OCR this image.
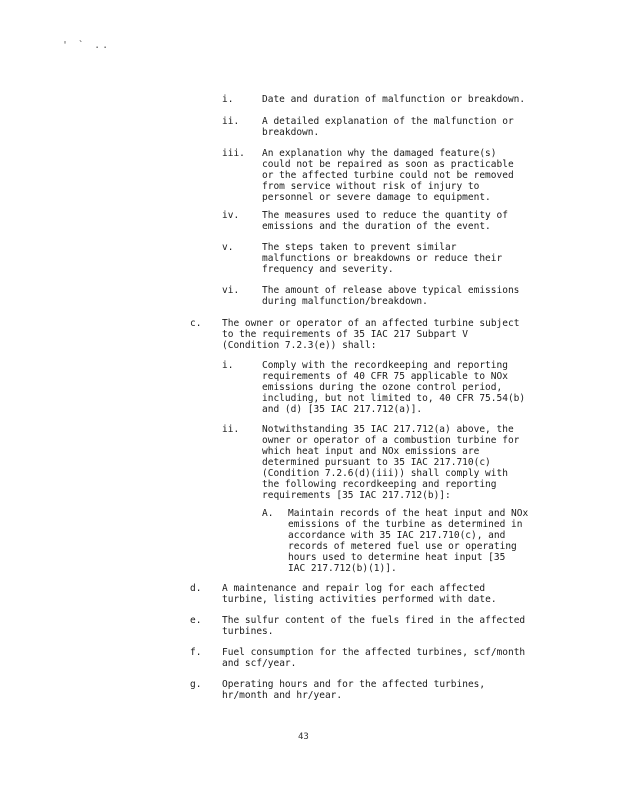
' ` ..
i.	Date and duration of malfunction or breakdown.
ii. A detailed explanation of the malfunction or
breakdown.
iii. An explanation why the damaged feature(s)
could not be repaired as soon as practicable
or the affected turbine could not be removed
from service without risk of injury to
personnel or severe damage to equipment.
iv. The measures used to reduce the quantity of
emissions and the duration of the event.
v.	The steps taken to prevent similar
malfunctions or breakdowns or reduce their
frequency and severity.
vi. The amount of release above typical emissions
during malfunction/breakdown.
c. The owner or operator of an affected turbine subject
to the requirements of 35 IAC 217 Subpart V
(Condition 7.2.3(e)) shall:
i.	Comply with the recordkeeping and reporting
requirements of 40 CFR 75 applicable to NOx
emissions during the ozone control period,
including, but not limited to, 40 CFR 75.54(b)
and (d) [35 IAC 217.712(a)].
ii. Notwithstanding 35 IAC 217.712(a) above, the
owner or operator of a combustion turbine for
which heat input and NOx emissions are
determined pursuant to 35 IAC 217.710(c)
(Condition 7.2.6(d)(iii)) shall comply with
the following recordkeeping and reporting
requirements [35 IAC 217.712(b)]:
A. Maintain records of the heat input and NOx
emissions of the turbine as determined in
accordance with 35 IAC 217.710(c), and
records of metered fuel use or operating
hours used to determine heat input [35
IAC 217.712(b)(1)].
d. A maintenance and repair log for each affected
turbine, listing activities performed with date.
e. The sulfur content of the fuels fired in the affected
turbines.
f. Fuel consumption for the affected turbines, scf/month
and scf/year.
g. Operating hours and for the affected turbines,
hr/month and hr/year.
43
